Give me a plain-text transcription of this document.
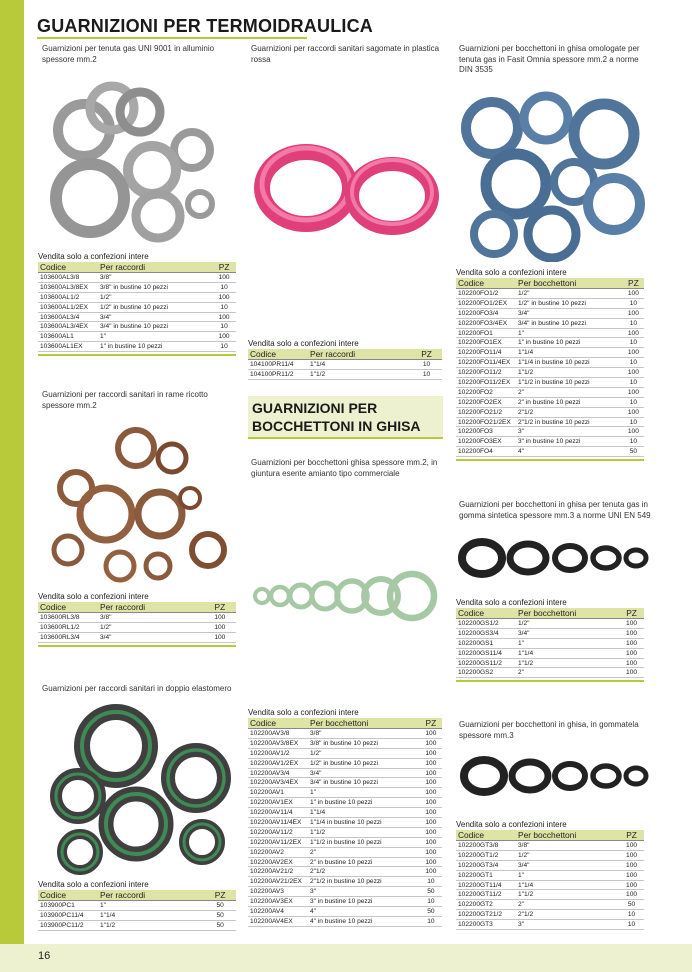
16
GUARNIZIONI PER TERMOIDRAULICA
Guarnizioni per tenuta gas UNI 9001 in alluminio spessore mm.2
Vendita solo a confezioni intere
Codice	Per raccordi	PZ
103600AL3/8	3/8"	100
103600AL3/8EX	3/8" in bustine 10 pezzi	10
103600AL1/2	1/2"	100
103600AL1/2EX	1/2" in bustine 10 pezzi	10
103600AL3/4	3/4"	100
103600AL3/4EX	3/4" in bustine 10 pezzi	10
103600AL1	1"	100
103600AL1EX	1" in bustine 10 pezzi	10
Guarnizioni per raccordi sanitari in rame ricotto spessore mm.2
Vendita solo a confezioni intere
Codice	Per raccordi	PZ
103600RL3/8	3/8"	100
103600RL1/2	1/2"	100
103600RL3/4	3/4"	100
Guarnizioni per raccordi sanitari in doppio elastomero
Vendita solo a confezioni intere
Codice	Per raccordi	PZ
103900PC1	1"	50
103900PC11/4	1"1/4	50
103900PC11/2	1"1/2	50
Guarnizioni per raccordi sanitari sagomate in plastica rossa
Vendita solo a confezioni intere
Codice	Per raccordi	PZ
104100PR11/4	1"1/4	10
104100PR11/2	1"1/2	10
GUARNIZIONI PER
BOCCHETTONI IN GHISA
Guarnizioni per bocchettoni ghisa spessore mm.2, in giuntura esente amianto tipo commerciale
Vendita solo a confezioni intere
Codice	Per bocchettoni	PZ
102200AV3/8	3/8"	100
102200AV3/8EX	3/8" in bustine 10 pezzi	100
102200AV1/2	1/2"	100
102200AV1/2EX	1/2" in bustine 10 pezzi	100
102200AV3/4	3/4"	100
102200AV3/4EX	3/4" in bustine 10 pezzi	100
102200AV1	1"	100
102200AV1EX	1" in bustine 10 pezzi	100
102200AV11/4	1"1/4	100
102200AV11/4EX	1"1/4 in bustine 10 pezzi	100
102200AV11/2	1"1/2	100
102200AV11/2EX	1"1/2 in bustine 10 pezzi	100
102200AV2	2"	100
102200AV2EX	2" in bustine 10 pezzi	100
102200AV21/2	2"1/2	100
102200AV21/2EX	2"1/2 in bustine 10 pezzi	10
102200AV3	3"	50
102200AV3EX	3" in bustine 10 pezzi	10
102200AV4	4"	50
102200AV4EX	4" in bustine 10 pezzi	10
Guarnizioni per bocchettoni in ghisa omologate per tenuta gas in Fasit Omnia spessore mm.2 a norme DIN 3535
Vendita solo a confezioni intere
Codice	Per bocchettoni	PZ
102200FO1/2	1/2"	100
102200FO1/2EX	1/2" in bustine 10 pezzi	10
102200FO3/4	3/4"	100
102200FO3/4EX	3/4" in bustine 10 pezzi	10
102200FO1	1"	100
102200FO1EX	1" in bustine 10 pezzi	10
102200FO11/4	1"1/4	100
102200FO11/4EX	1"1/4 in bustine 10 pezzi	10
102200FO11/2	1"1/2	100
102200FO11/2EX	1"1/2 in bustine 10 pezzi	10
102200FO2	2"	100
102200FO2EX	2" in bustine 10 pezzi	10
102200FO21/2	2"1/2	100
102200FO21/2EX	2"1/2 in bustine 10 pezzi	10
102200FO3	3"	100
102200FO3EX	3" in bustine 10 pezzi	10
102200FO4	4"	50
Guarnizioni per bocchettoni in ghisa per tenuta gas in gomma sintetica spessore mm.3 a norme UNI EN 549
Vendita solo a confezioni intere
Codice	Per bocchettoni	PZ
102200GS1/2	1/2"	100
102200GS3/4	3/4"	100
102200GS1	1"	100
102200GS11/4	1"1/4	100
102200GS11/2	1"1/2	100
102200GS2	2"	100
Guarnizioni per bocchettoni in ghisa, in gommatela spessore mm.3
Vendita solo a confezioni intere
Codice	Per bocchettoni	PZ
102200GT3/8	3/8"	100
102200GT1/2	1/2"	100
102200GT3/4	3/4"	100
102200GT1	1"	100
102200GT11/4	1"1/4	100
102200GT11/2	1"1/2	100
102200GT2	2"	50
102200GT21/2	2"1/2	10
102200GT3	3"	10
